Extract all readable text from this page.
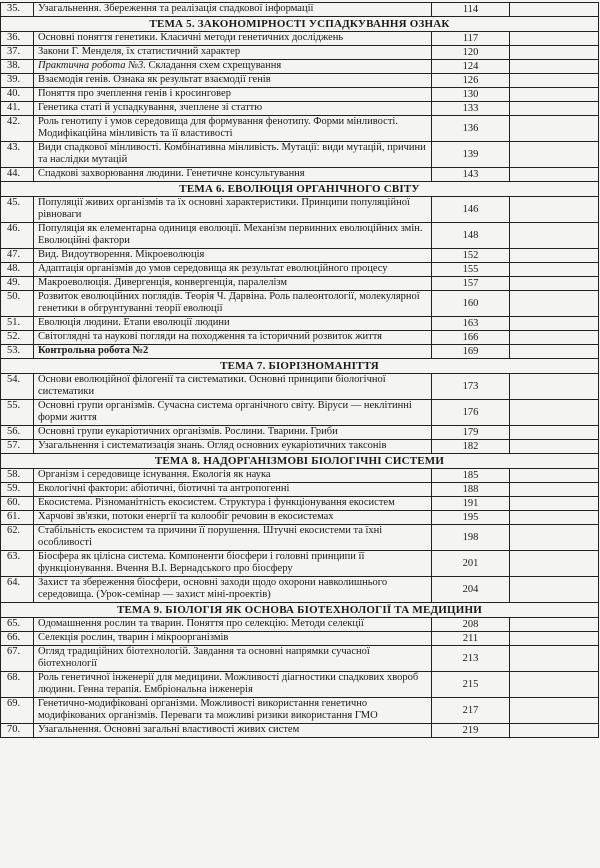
35.	Узагальнення. Збереження та реалізація спадкової інформації	114	
ТЕМА 5. ЗАКОНОМІРНОСТІ УСПАДКУВАННЯ ОЗНАК			
36.	Основні поняття генетики. Класичні методи генетичних досліджень	117	
37.	Закони Г. Менделя, їх статистичний характер	120	
38.	Практична робота №3. Складання схем схрещування	124	
39.	Взаємодія генів. Ознака як результат взаємодії генів	126	
40.	Поняття про зчеплення генів і кросинговер	130	
41.	Генетика статі й успадкування, зчеплене зі статтю	133	
42.	Роль генотипу і умов середовища для формування фенотипу. Форми мінливості. Модифікаційна мінливість та її властивості	136	
43.	Види спадкової мінливості. Комбінативна мінливість. Мутації: види мутацій, причини та наслідки мутацій	139	
44.	Спадкові захворювання людини. Генетичне консультування	143	
ТЕМА 6. ЕВОЛЮЦІЯ ОРГАНІЧНОГО СВІТУ			
45.	Популяції живих організмів та їх основні характеристики. Принципи популяційної рівноваги	146	
46.	Популяція як елементарна одиниця еволюції. Механізм первинних еволюційних змін. Еволюційні фактори	148	
47.	Вид. Видоутворення. Мікроеволюція	152	
48.	Адаптація організмів до умов середовища як результат еволюційного процесу	155	
49.	Макроеволюція. Дивергенція, конвергенція, паралелізм	157	
50.	Розвиток еволюційних поглядів. Теорія Ч. Дарвіна. Роль палеонтології, молекулярної генетики в обгрунтуванні теорії еволюції	160	
51.	Еволюція людини. Етапи еволюції людини	163	
52.	Світоглядні та наукові погляди на походження та історичний розвиток життя	166	
53.	Контрольна робота №2	169	
ТЕМА 7. БІОРІЗНОМАНІТТЯ			
54.	Основи еволюційної філогенії та систематики. Основні принципи біологічної систематики	173	
55.	Основні групи організмів. Сучасна система органічного світу. Віруси — неклітинні форми життя	176	
56.	Основні групи еукаріотичних організмів. Рослини. Тварини. Гриби	179	
57.	Узагальнення і систематизація знань. Огляд основних еукаріотичних таксонів	182	
ТЕМА 8. НАДОРГАНІЗМОВІ БІОЛОГІЧНІ СИСТЕМИ			
58.	Організм і середовище існування. Екологія як наука	185	
59.	Екологічні фактори: абіотичні, біотичні та антропогенні	188	
60.	Екосистема. Різноманітність екосистем. Структура і функціонування екосистем	191	
61.	Харчові зв'язки, потоки енергії та колообіг речовин в екосистемах	195	
62.	Стабільність екосистем та причини її порушення. Штучні екосистеми та їхні особливості	198	
63.	Біосфера як цілісна система. Компоненти біосфери і головні принципи її функціонування. Вчення В.І. Вернадського про біосферу	201	
64.	Захист та збереження біосфери, основні заходи щодо охорони навколишнього середовища. (Урок-семінар — захист міні-проектів)	204	
ТЕМА 9. БІОЛОГІЯ ЯК ОСНОВА БІОТЕХНОЛОГІЇ ТА МЕДИЦИНИ			
65.	Одомашнення рослин та тварин. Поняття про селекцію. Методи селекції	208	
66.	Селекція рослин, тварин і мікроорганізмів	211	
67.	Огляд традиційних біотехнологій. Завдання та основні напрямки сучасної біотехнології	213	
68.	Роль генетичної інженерії для медицини. Можливості діагностики спадкових хвороб людини. Генна терапія. Ембріональна інженерія	215	
69.	Генетично-модифіковані організми. Можливості використання генетично модифікованих організмів. Переваги та можливі ризики використання ГМО	217	
70.	Узагальнення. Основні загальні властивості живих систем	219	
